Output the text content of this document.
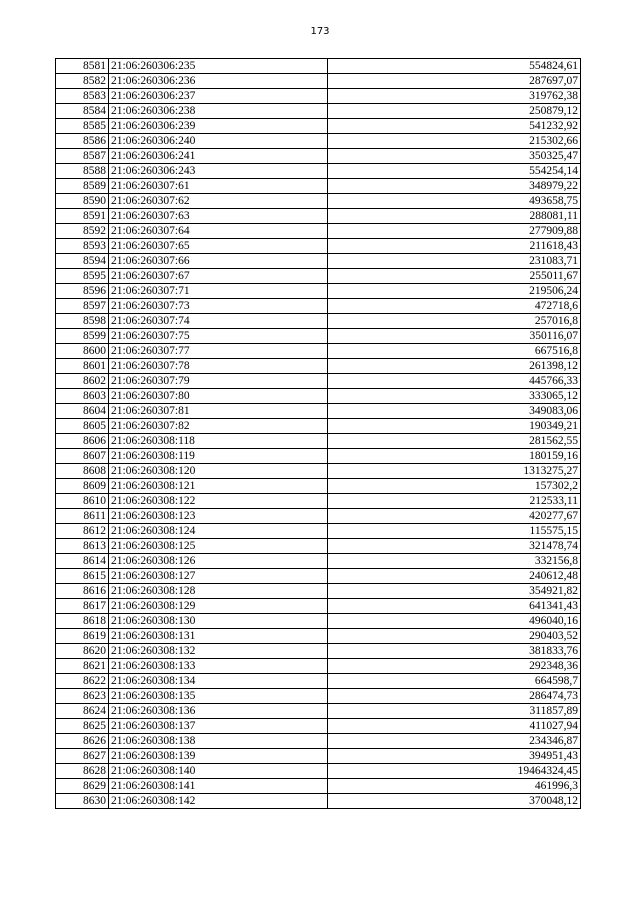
173
8581	21:06:260306:235	554824,61
8582	21:06:260306:236	287697,07
8583	21:06:260306:237	319762,38
8584	21:06:260306:238	250879,12
8585	21:06:260306:239	541232,92
8586	21:06:260306:240	215302,66
8587	21:06:260306:241	350325,47
8588	21:06:260306:243	554254,14
8589	21:06:260307:61	348979,22
8590	21:06:260307:62	493658,75
8591	21:06:260307:63	288081,11
8592	21:06:260307:64	277909,88
8593	21:06:260307:65	211618,43
8594	21:06:260307:66	231083,71
8595	21:06:260307:67	255011,67
8596	21:06:260307:71	219506,24
8597	21:06:260307:73	472718,6
8598	21:06:260307:74	257016,8
8599	21:06:260307:75	350116,07
8600	21:06:260307:77	667516,8
8601	21:06:260307:78	261398,12
8602	21:06:260307:79	445766,33
8603	21:06:260307:80	333065,12
8604	21:06:260307:81	349083,06
8605	21:06:260307:82	190349,21
8606	21:06:260308:118	281562,55
8607	21:06:260308:119	180159,16
8608	21:06:260308:120	1313275,27
8609	21:06:260308:121	157302,2
8610	21:06:260308:122	212533,11
8611	21:06:260308:123	420277,67
8612	21:06:260308:124	115575,15
8613	21:06:260308:125	321478,74
8614	21:06:260308:126	332156,8
8615	21:06:260308:127	240612,48
8616	21:06:260308:128	354921,82
8617	21:06:260308:129	641341,43
8618	21:06:260308:130	496040,16
8619	21:06:260308:131	290403,52
8620	21:06:260308:132	381833,76
8621	21:06:260308:133	292348,36
8622	21:06:260308:134	664598,7
8623	21:06:260308:135	286474,73
8624	21:06:260308:136	311857,89
8625	21:06:260308:137	411027,94
8626	21:06:260308:138	234346,87
8627	21:06:260308:139	394951,43
8628	21:06:260308:140	19464324,45
8629	21:06:260308:141	461996,3
8630	21:06:260308:142	370048,12
